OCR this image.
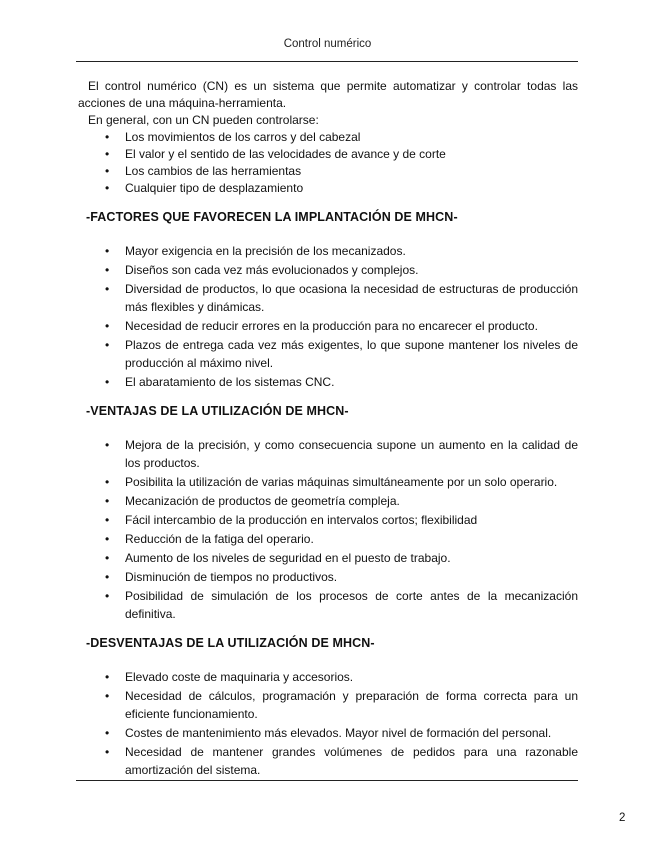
Control numérico

El control numérico (CN) es un sistema que permite automatizar y controlar todas las acciones de una máquina-herramienta.

En general, con un CN pueden controlarse:

• Los movimientos de los carros y del cabezal
• El valor y el sentido de las velocidades de avance y de corte
• Los cambios de las herramientas
• Cualquier tipo de desplazamiento
-FACTORES QUE FAVORECEN LA IMPLANTACIÓN DE MHCN-
• Mayor exigencia en la precisión de los mecanizados.
• Diseños son cada vez más evolucionados y complejos.
• Diversidad de productos, lo que ocasiona la necesidad de estructuras de producción más flexibles y dinámicas.
• Necesidad de reducir errores en la producción para no encarecer el producto.
• Plazos de entrega cada vez más exigentes, lo que supone mantener los niveles de producción al máximo nivel.
• El abaratamiento de los sistemas CNC.
-VENTAJAS DE LA UTILIZACIÓN DE MHCN-
• Mejora de la precisión, y como consecuencia supone un aumento en la calidad de los productos.
• Posibilita la utilización de varias máquinas simultáneamente por un solo operario.
• Mecanización de productos de geometría compleja.
• Fácil intercambio de la producción en intervalos cortos; flexibilidad
• Reducción de la fatiga del operario.
• Aumento de los niveles de seguridad en el puesto de trabajo.
• Disminución de tiempos no productivos.
• Posibilidad de simulación de los procesos de corte antes de la mecanización definitiva.
-DESVENTAJAS DE LA UTILIZACIÓN DE MHCN-
• Elevado coste de maquinaria y accesorios.
• Necesidad de cálculos, programación y preparación de forma correcta para un eficiente funcionamiento.
• Costes de mantenimiento más elevados. Mayor nivel de formación del personal.
• Necesidad de mantener grandes volúmenes de pedidos para una razonable amortización del sistema.
2
